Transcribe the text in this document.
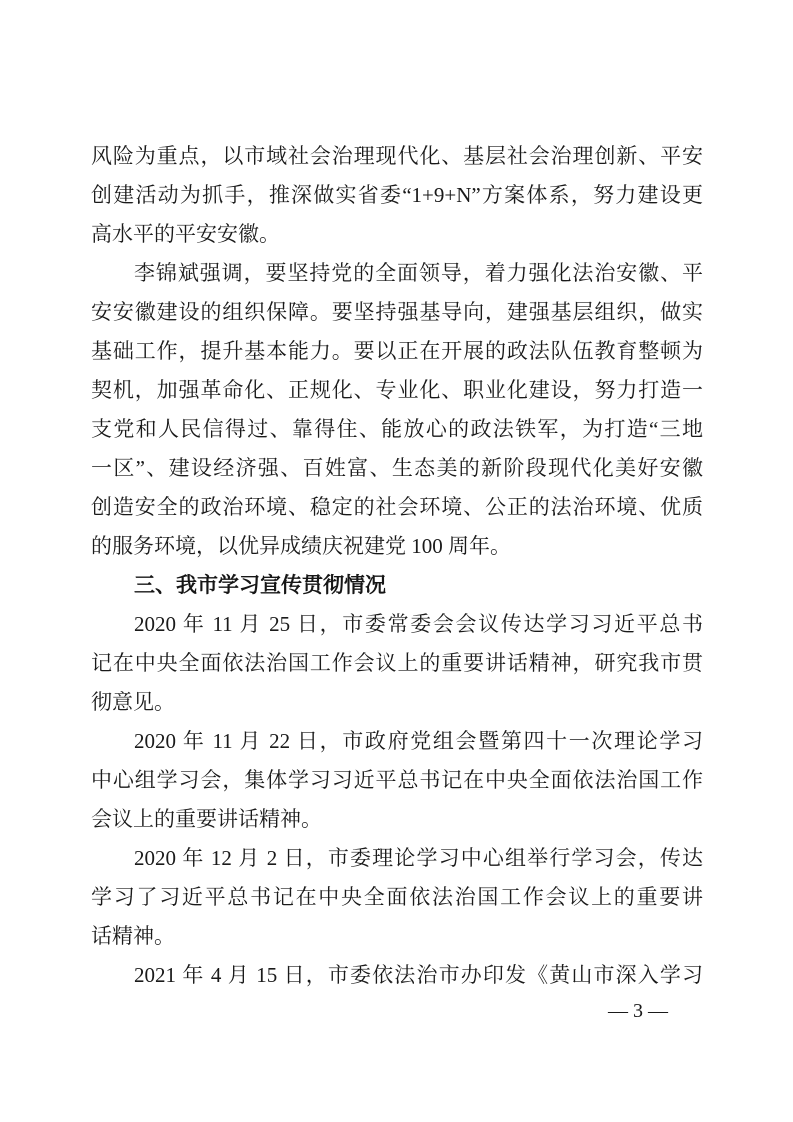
风险为重点，以市域社会治理现代化、基层社会治理创新、平安
创建活动为抓手，推深做实省委“1+9+N”方案体系，努力建设更
高水平的平安安徽。
李锦斌强调，要坚持党的全面领导，着力强化法治安徽、平
安安徽建设的组织保障。要坚持强基导向，建强基层组织，做实
基础工作，提升基本能力。要以正在开展的政法队伍教育整顿为
契机，加强革命化、正规化、专业化、职业化建设，努力打造一
支党和人民信得过、靠得住、能放心的政法铁军，为打造“三地
一区”、建设经济强、百姓富、生态美的新阶段现代化美好安徽
创造安全的政治环境、稳定的社会环境、公正的法治环境、优质
的服务环境，以优异成绩庆祝建党 100 周年。
三、我市学习宣传贯彻情况
2020 年 11 月 25 日，市委常委会会议传达学习习近平总书
记在中央全面依法治国工作会议上的重要讲话精神，研究我市贯
彻意见。
2020 年 11 月 22 日，市政府党组会暨第四十一次理论学习
中心组学习会，集体学习习近平总书记在中央全面依法治国工作
会议上的重要讲话精神。
2020 年 12 月 2 日，市委理论学习中心组举行学习会，传达
学习了习近平总书记在中央全面依法治国工作会议上的重要讲
话精神。
2021 年 4 月 15 日，市委依法治市办印发《黄山市深入学习
— 3 —
